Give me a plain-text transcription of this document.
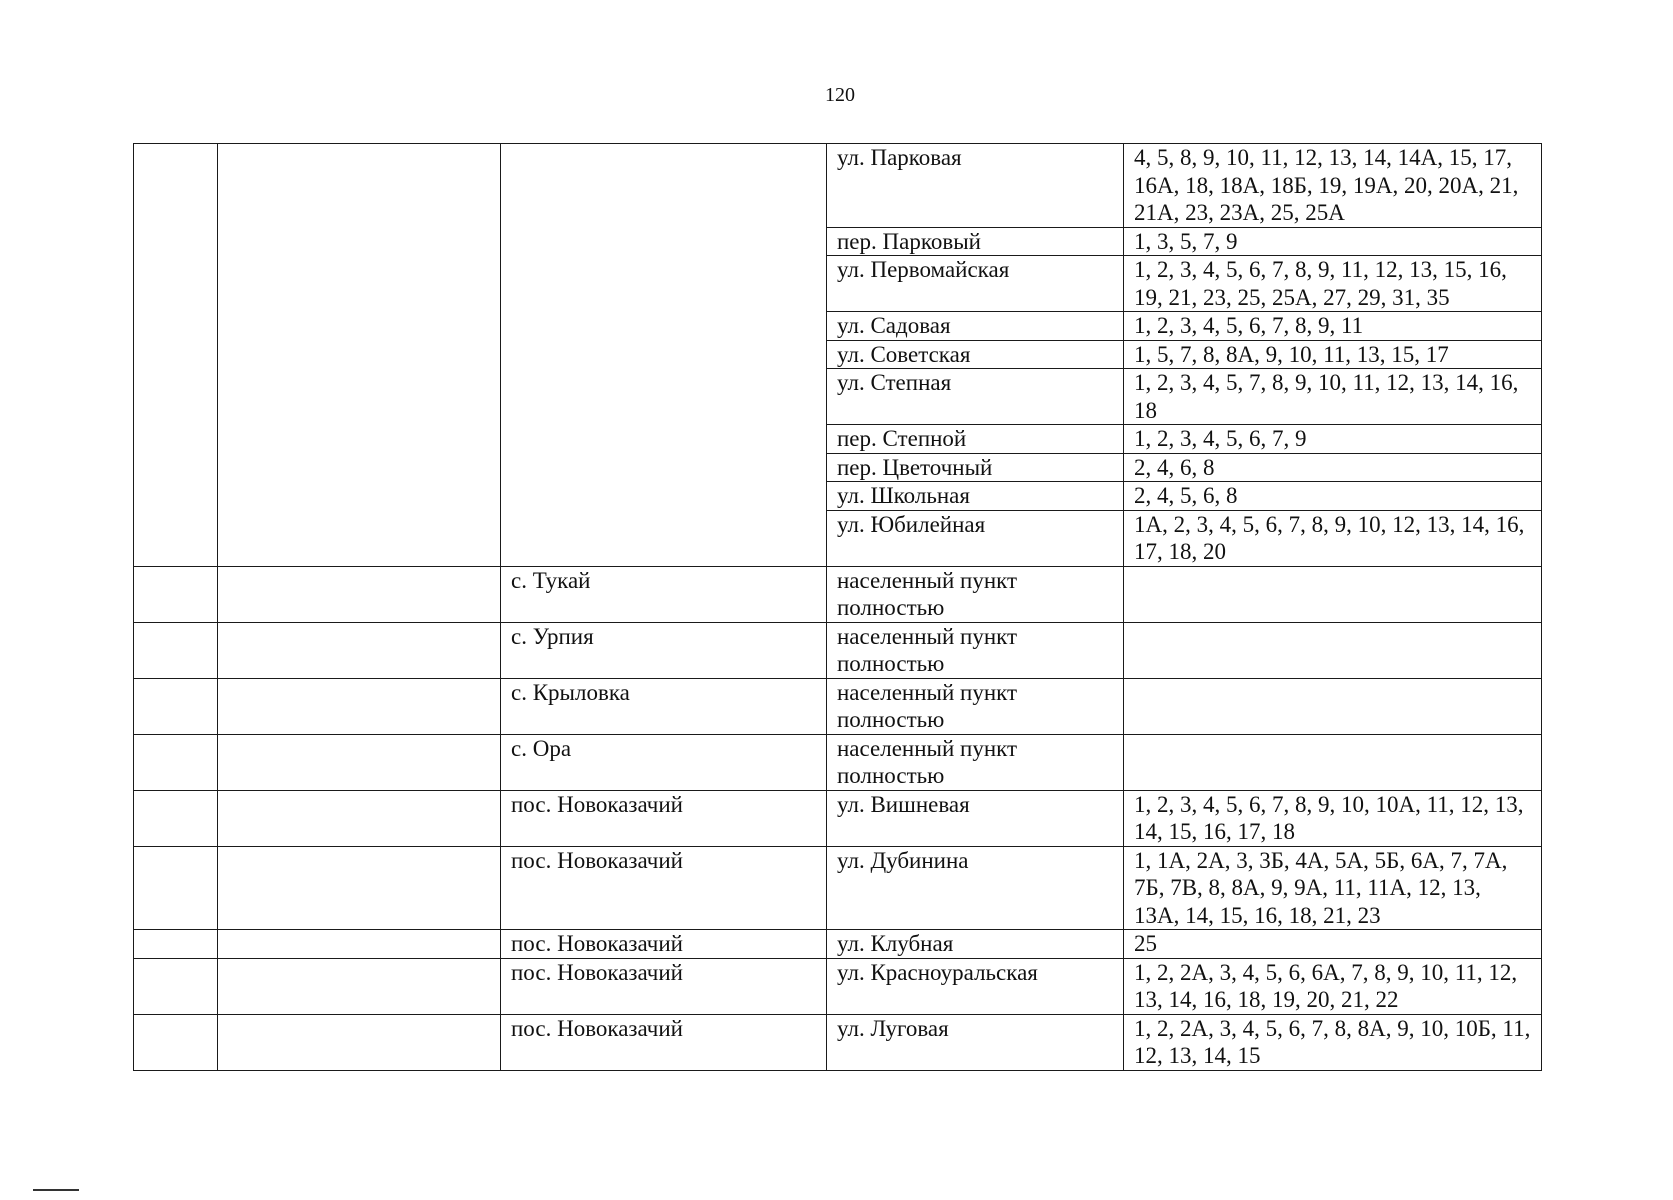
120
			ул. Парковая	4, 5, 8, 9, 10, 11, 12, 13, 14, 14А, 15, 17, 16А, 18, 18А, 18Б, 19, 19А, 20, 20А, 21, 21А, 23, 23А, 25, 25А
			пер. Парковый	1, 3, 5, 7, 9
			ул. Первомайская	1, 2, 3, 4, 5, 6, 7, 8, 9, 11, 12, 13, 15, 16, 19, 21, 23, 25, 25А, 27, 29, 31, 35
			ул. Садовая	1, 2, 3, 4, 5, 6, 7, 8, 9, 11
			ул. Советская	1, 5, 7, 8, 8А, 9, 10, 11, 13, 15, 17
			ул. Степная	1, 2, 3, 4, 5, 7, 8, 9, 10, 11, 12, 13, 14, 16, 18
			пер. Степной	1, 2, 3, 4, 5, 6, 7, 9
			пер. Цветочный	2, 4, 6, 8
			ул. Школьная	2, 4, 5, 6, 8
			ул. Юбилейная	1А, 2, 3, 4, 5, 6, 7, 8, 9, 10, 12, 13, 14, 16, 17, 18, 20
		с. Тукай	населенный пункт полностью	
		с. Урпия	населенный пункт полностью	
		с. Крыловка	населенный пункт полностью	
		с. Ора	населенный пункт полностью	
		пос. Новоказачий	ул. Вишневая	1, 2, 3, 4, 5, 6, 7, 8, 9, 10, 10А, 11, 12, 13, 14, 15, 16, 17, 18
		пос. Новоказачий	ул. Дубинина	1, 1А, 2А, 3, 3Б, 4А, 5А, 5Б, 6А, 7, 7А, 7Б, 7В, 8, 8А, 9, 9А, 11, 11А, 12, 13, 13А, 14, 15, 16, 18, 21, 23
		пос. Новоказачий	ул. Клубная	25
		пос. Новоказачий	ул. Красноуральская	1, 2, 2А, 3, 4, 5, 6, 6А, 7, 8, 9, 10, 11, 12, 13, 14, 16, 18, 19, 20, 21, 22
		пос. Новоказачий	ул. Луговая	1, 2, 2А, 3, 4, 5, 6, 7, 8, 8А, 9, 10, 10Б, 11, 12, 13, 14, 15
